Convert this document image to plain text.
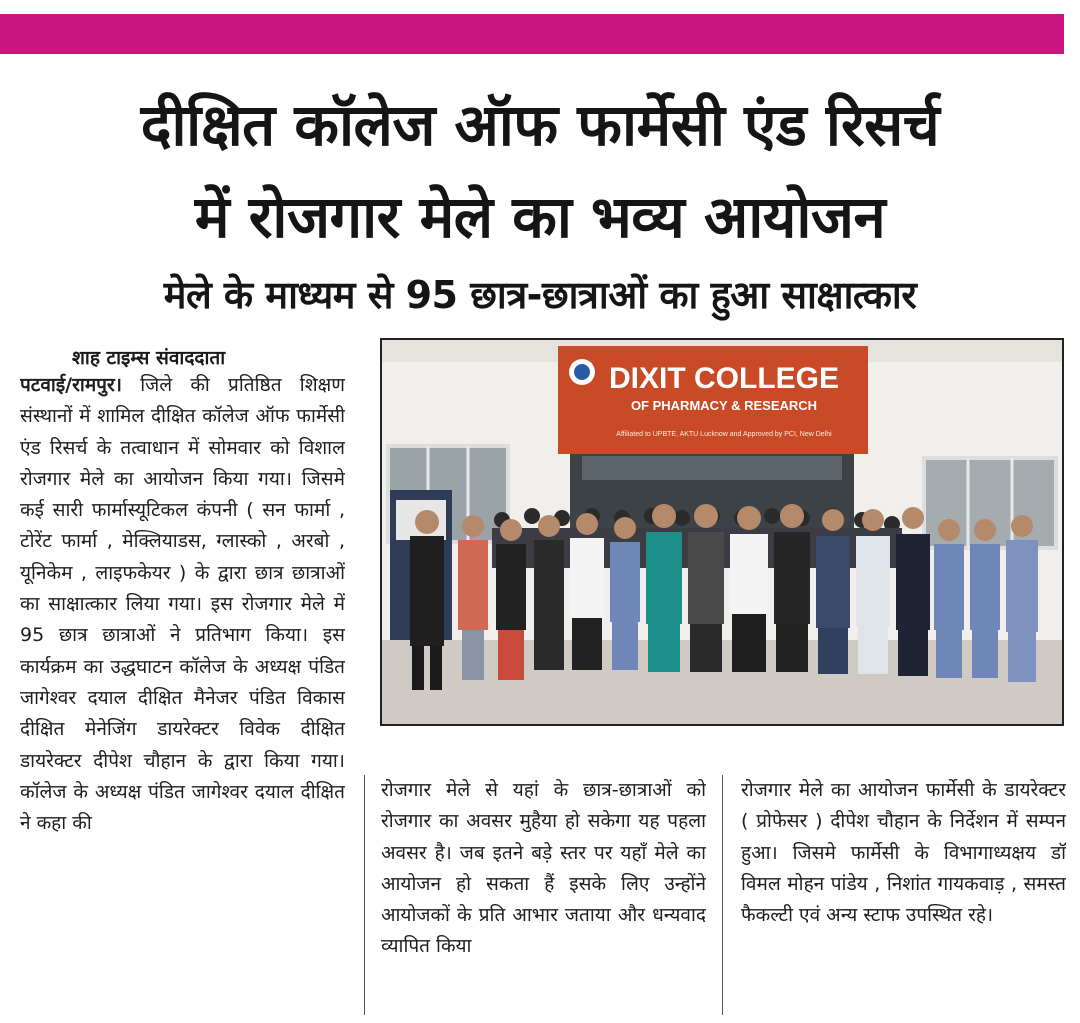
दीक्षित कॉलेज ऑफ फार्मेसी एंड रिसर्च
में रोजगार मेले का भव्य आयोजन
मेले के माध्यम से 95 छात्र-छात्राओं का हुआ साक्षात्कार
शाह टाइम्स संवाददाता
पटवाई/रामपुर। जिले की प्रतिष्ठित शिक्षण संस्थानों में शामिल दीक्षित कॉलेज ऑफ फार्मेसी एंड रिसर्च के तत्वाधान में सोमवार को विशाल रोजगार मेले का आयोजन किया गया। जिसमे कई सारी फार्मास्यूटिकल कंपनी ( सन फार्मा , टोरेंट फार्मा , मेक्लियाडस, ग्लास्को , अरबो , यूनिकेम , लाइफकेयर ) के द्वारा छात्र छात्राओं का साक्षात्कार लिया गया। इस रोजगार मेले में 95 छात्र छात्राओं ने प्रतिभाग किया। इस कार्यक्रम का उद्धघाटन कॉलेज के अध्यक्ष पंडित जागेश्वर दयाल दीक्षित मैनेजर पंडित विकास दीक्षित मेनेजिंग डायरेक्टर विवेक दीक्षित डायरेक्टर दीपेश चौहान के द्वारा किया गया। कॉलेज के अध्यक्ष पंडित जागेश्वर दयाल दीक्षित ने कहा की
DIXIT COLLEGE
OF PHARMACY & RESEARCH
Affiliated to UPBTE, AKTU Lucknow and Approved by PCI, New Delhi
रोजगार मेले से यहां के छात्र-छात्राओं को रोजगार का अवसर मुहैया हो सकेगा यह पहला अवसर है। जब इतने बड़े स्तर पर यहाँ मेले का आयोजन हो सकता हैं इसके लिए उन्होंने आयोजकों के प्रति आभार जताया और धन्यवाद व्यापित किया
रोजगार मेले का आयोजन फार्मेसी के डायरेक्टर ( प्रोफेसर ) दीपेश चौहान के निर्देशन में सम्पन हुआ। जिसमे फार्मेसी के विभागाध्यक्षय डॉ विमल मोहन पांडेय , निशांत गायकवाड़ , समस्त फैकल्टी एवं अन्य स्टाफ उपस्थित रहे।
